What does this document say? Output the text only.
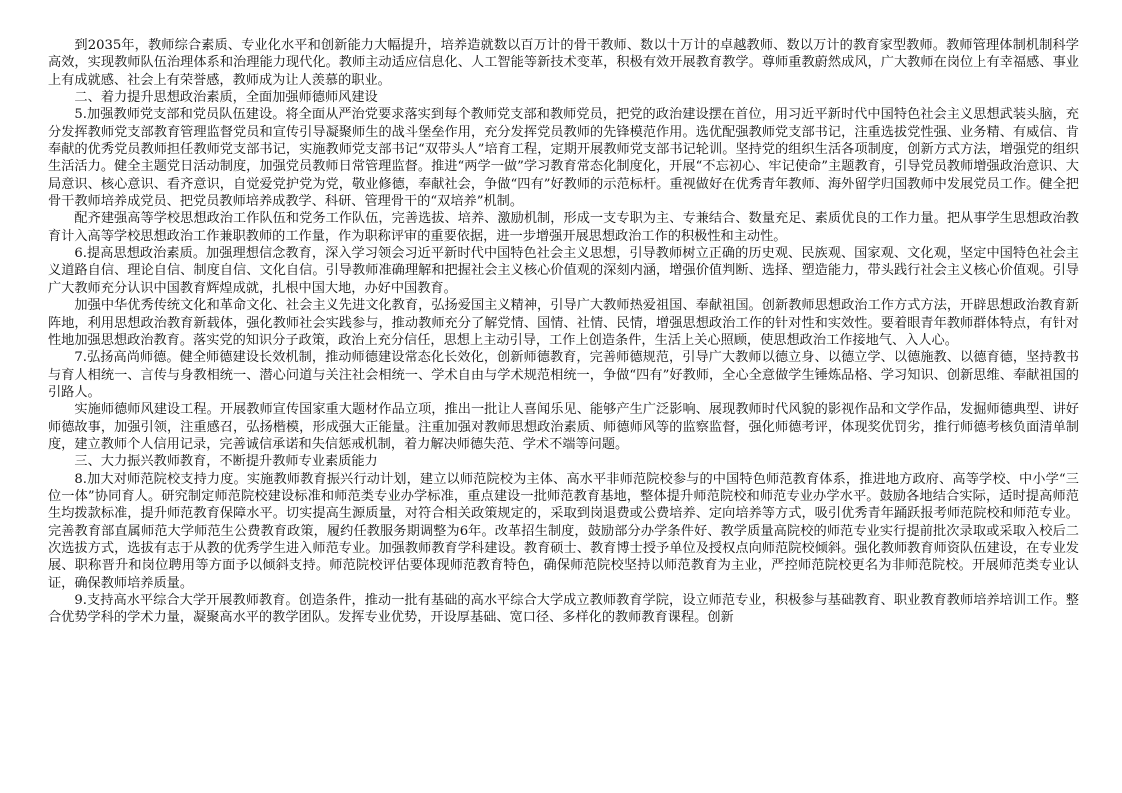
到2035年，教师综合素质、专业化水平和创新能力大幅提升，培养造就数以百万计的骨干教师、数以十万计的卓越教师、数以万计的教育家型教师。教师管理体制机制科学高效，实现教师队伍治理体系和治理能力现代化。教师主动适应信息化、人工智能等新技术变革，积极有效开展教育教学。尊师重教蔚然成风，广大教师在岗位上有幸福感、事业上有成就感、社会上有荣誉感，教师成为让人羡慕的职业。

二、着力提升思想政治素质，全面加强师德师风建设

5.加强教师党支部和党员队伍建设。将全面从严治党要求落实到每个教师党支部和教师党员，把党的政治建设摆在首位，用习近平新时代中国特色社会主义思想武装头脑，充分发挥教师党支部教育管理监督党员和宣传引导凝聚师生的战斗堡垒作用，充分发挥党员教师的先锋模范作用。选优配强教师党支部书记，注重选拔党性强、业务精、有威信、肯奉献的优秀党员教师担任教师党支部书记，实施教师党支部书记“双带头人”培育工程，定期开展教师党支部书记轮训。坚持党的组织生活各项制度，创新方式方法，增强党的组织生活活力。健全主题党日活动制度，加强党员教师日常管理监督。推进“两学一做”学习教育常态化制度化，开展“不忘初心、牢记使命”主题教育，引导党员教师增强政治意识、大局意识、核心意识、看齐意识，自觉爱党护党为党，敬业修德，奉献社会，争做“四有”好教师的示范标杆。重视做好在优秀青年教师、海外留学归国教师中发展党员工作。健全把骨干教师培养成党员、把党员教师培养成教学、科研、管理骨干的“双培养”机制。

配齐建强高等学校思想政治工作队伍和党务工作队伍，完善选拔、培养、激励机制，形成一支专职为主、专兼结合、数量充足、素质优良的工作力量。把从事学生思想政治教育计入高等学校思想政治工作兼职教师的工作量，作为职称评审的重要依据，进一步增强开展思想政治工作的积极性和主动性。

6.提高思想政治素质。加强理想信念教育，深入学习领会习近平新时代中国特色社会主义思想，引导教师树立正确的历史观、民族观、国家观、文化观，坚定中国特色社会主义道路自信、理论自信、制度自信、文化自信。引导教师准确理解和把握社会主义核心价值观的深刻内涵，增强价值判断、选择、塑造能力，带头践行社会主义核心价值观。引导广大教师充分认识中国教育辉煌成就，扎根中国大地，办好中国教育。

加强中华优秀传统文化和革命文化、社会主义先进文化教育，弘扬爱国主义精神，引导广大教师热爱祖国、奉献祖国。创新教师思想政治工作方式方法，开辟思想政治教育新阵地，利用思想政治教育新载体，强化教师社会实践参与，推动教师充分了解党情、国情、社情、民情，增强思想政治工作的针对性和实效性。要着眼青年教师群体特点，有针对性地加强思想政治教育。落实党的知识分子政策，政治上充分信任，思想上主动引导，工作上创造条件，生活上关心照顾，使思想政治工作接地气、入人心。

7.弘扬高尚师德。健全师德建设长效机制，推动师德建设常态化长效化，创新师德教育，完善师德规范，引导广大教师以德立身、以德立学、以德施教、以德育德，坚持教书与育人相统一、言传与身教相统一、潜心问道与关注社会相统一、学术自由与学术规范相统一，争做“四有”好教师，全心全意做学生锤炼品格、学习知识、创新思维、奉献祖国的引路人。

实施师德师风建设工程。开展教师宣传国家重大题材作品立项，推出一批让人喜闻乐见、能够产生广泛影响、展现教师时代风貌的影视作品和文学作品，发掘师德典型、讲好师德故事，加强引领，注重感召，弘扬楷模，形成强大正能量。注重加强对教师思想政治素质、师德师风等的监察监督，强化师德考评，体现奖优罚劣，推行师德考核负面清单制度，建立教师个人信用记录，完善诚信承诺和失信惩戒机制，着力解决师德失范、学术不端等问题。

三、大力振兴教师教育，不断提升教师专业素质能力

8.加大对师范院校支持力度。实施教师教育振兴行动计划，建立以师范院校为主体、高水平非师范院校参与的中国特色师范教育体系，推进地方政府、高等学校、中小学“三位一体”协同育人。研究制定师范院校建设标准和师范类专业办学标准，重点建设一批师范教育基地，整体提升师范院校和师范专业办学水平。鼓励各地结合实际，适时提高师范生均拨款标准，提升师范教育保障水平。切实提高生源质量，对符合相关政策规定的，采取到岗退费或公费培养、定向培养等方式，吸引优秀青年踊跃报考师范院校和师范专业。完善教育部直属师范大学师范生公费教育政策，履约任教服务期调整为6年。改革招生制度，鼓励部分办学条件好、教学质量高院校的师范专业实行提前批次录取或采取入校后二次选拔方式，选拔有志于从教的优秀学生进入师范专业。加强教师教育学科建设。教育硕士、教育博士授予单位及授权点向师范院校倾斜。强化教师教育师资队伍建设，在专业发展、职称晋升和岗位聘用等方面予以倾斜支持。师范院校评估要体现师范教育特色，确保师范院校坚持以师范教育为主业，严控师范院校更名为非师范院校。开展师范类专业认证，确保教师培养质量。

9.支持高水平综合大学开展教师教育。创造条件，推动一批有基础的高水平综合大学成立教师教育学院，设立师范专业，积极参与基础教育、职业教育教师培养培训工作。整合优势学科的学术力量，凝聚高水平的教学团队。发挥专业优势，开设厚基础、宽口径、多样化的教师教育课程。创新
